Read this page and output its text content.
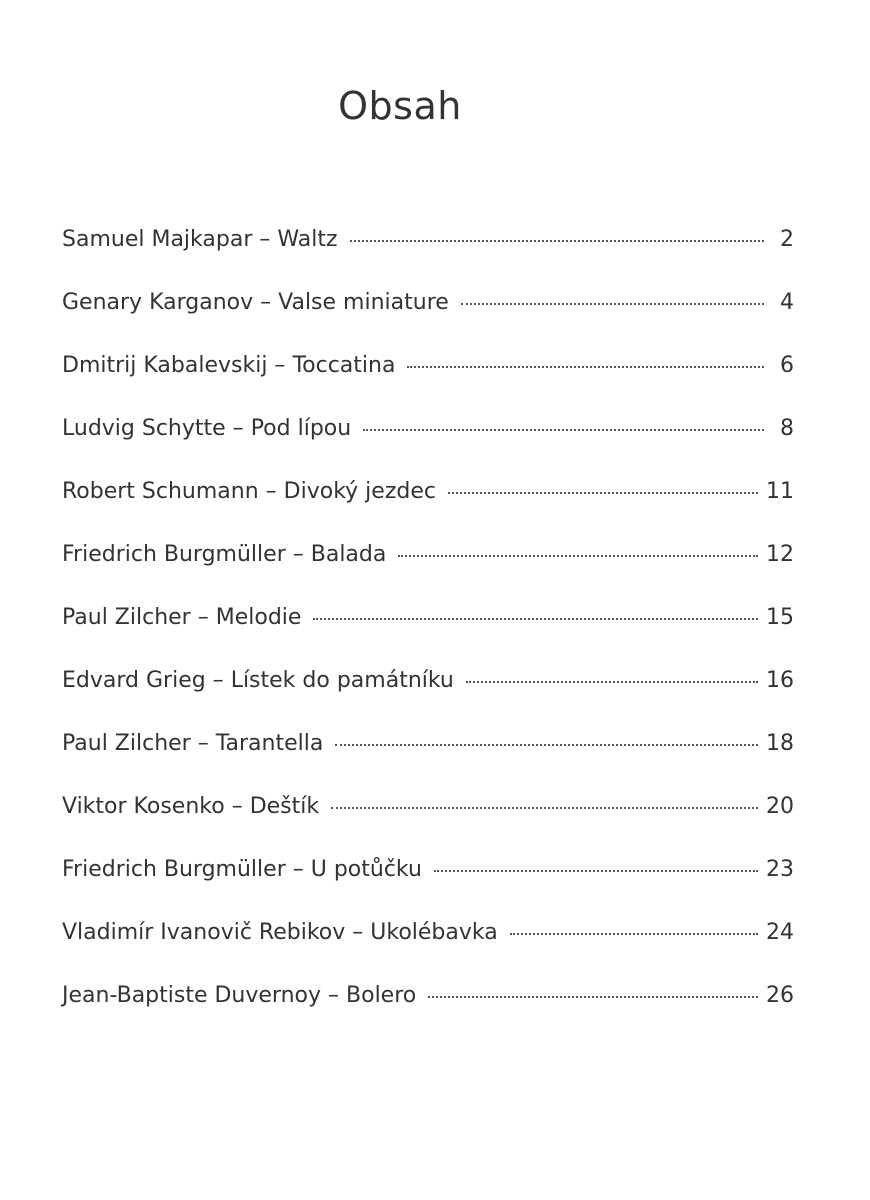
Obsah
Samuel Majkapar – Waltz	2
Genary Karganov – Valse miniature	4
Dmitrij Kabalevskij – Toccatina	6
Ludvig Schytte – Pod lípou	8
Robert Schumann – Divoký jezdec	11
Friedrich Burgmüller – Balada	12
Paul Zilcher – Melodie	15
Edvard Grieg – Lístek do památníku	16
Paul Zilcher – Tarantella	18
Viktor Kosenko – Deštík	20
Friedrich Burgmüller – U potůčku	23
Vladimír Ivanovič Rebikov – Ukolébavka	24
Jean-Baptiste Duvernoy – Bolero	26
